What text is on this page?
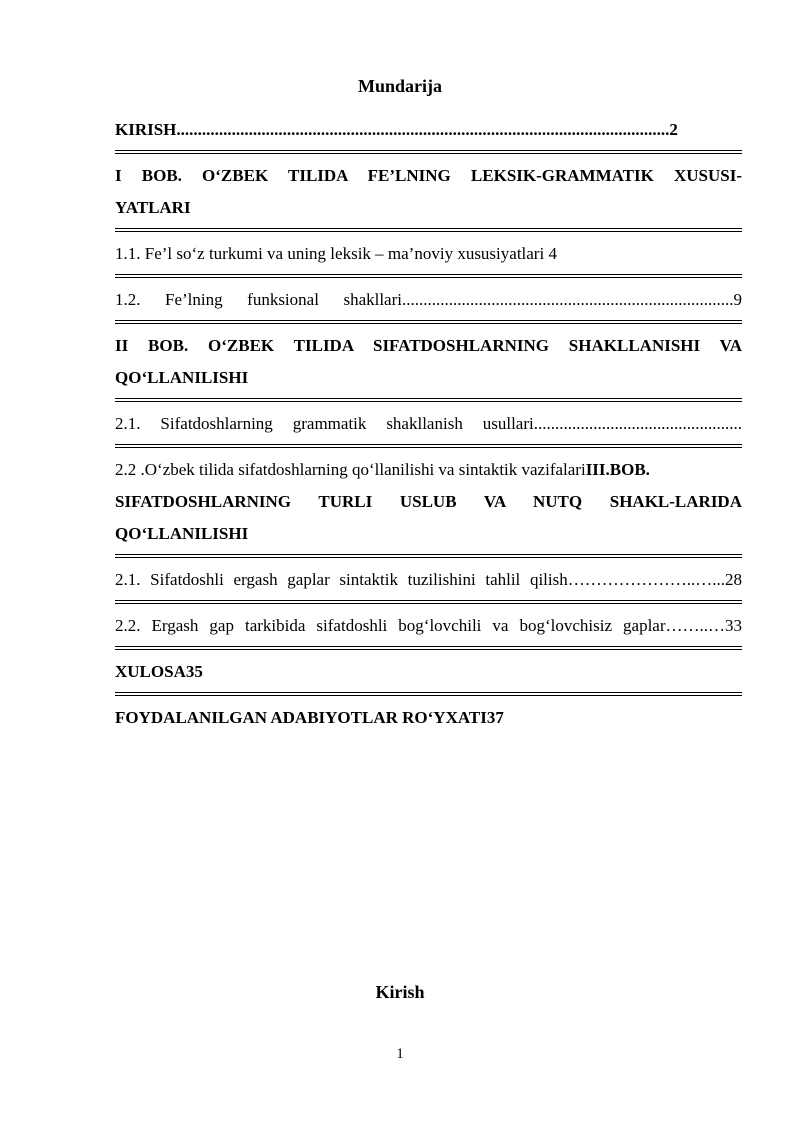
Mundarija
KIRISH....................................................................................................................2
I BOB. O‘ZBEK TILIDA FE’LNING LEKSIK-GRAMMATIK XUSUSI-
YATLARI
1.1. Fe’l so‘z turkumi va uning leksik – ma’noviy xususiyatlari 4
1.2. Fe’lning funksional shakllari..............................................................................9
II BOB. O‘ZBEK TILIDA SIFATDOSHLARNING SHAKLLANISHI VA
QO‘LLANILISHI
2.1. Sifatdoshlarning grammatik shakllanish usullari.................................................
2.2 .O‘zbek tilida sifatdoshlarning qo‘llanilishi va sintaktik vazifalariIII.BOB.
SIFATDOSHLARNING TURLI USLUB VA NUTQ SHAKL-LARIDA
QO‘LLANILISHI
2.1. Sifatdoshli ergash gaplar sintaktik tuzilishini tahlil qilish…………………..…...28
2.2. Ergash gap tarkibida sifatdoshli bog‘lovchili va bog‘lovchisiz gaplar……..…33
XULOSA35
FOYDALANILGAN ADABIYOTLAR RO‘YXATI37
Kirish
1
